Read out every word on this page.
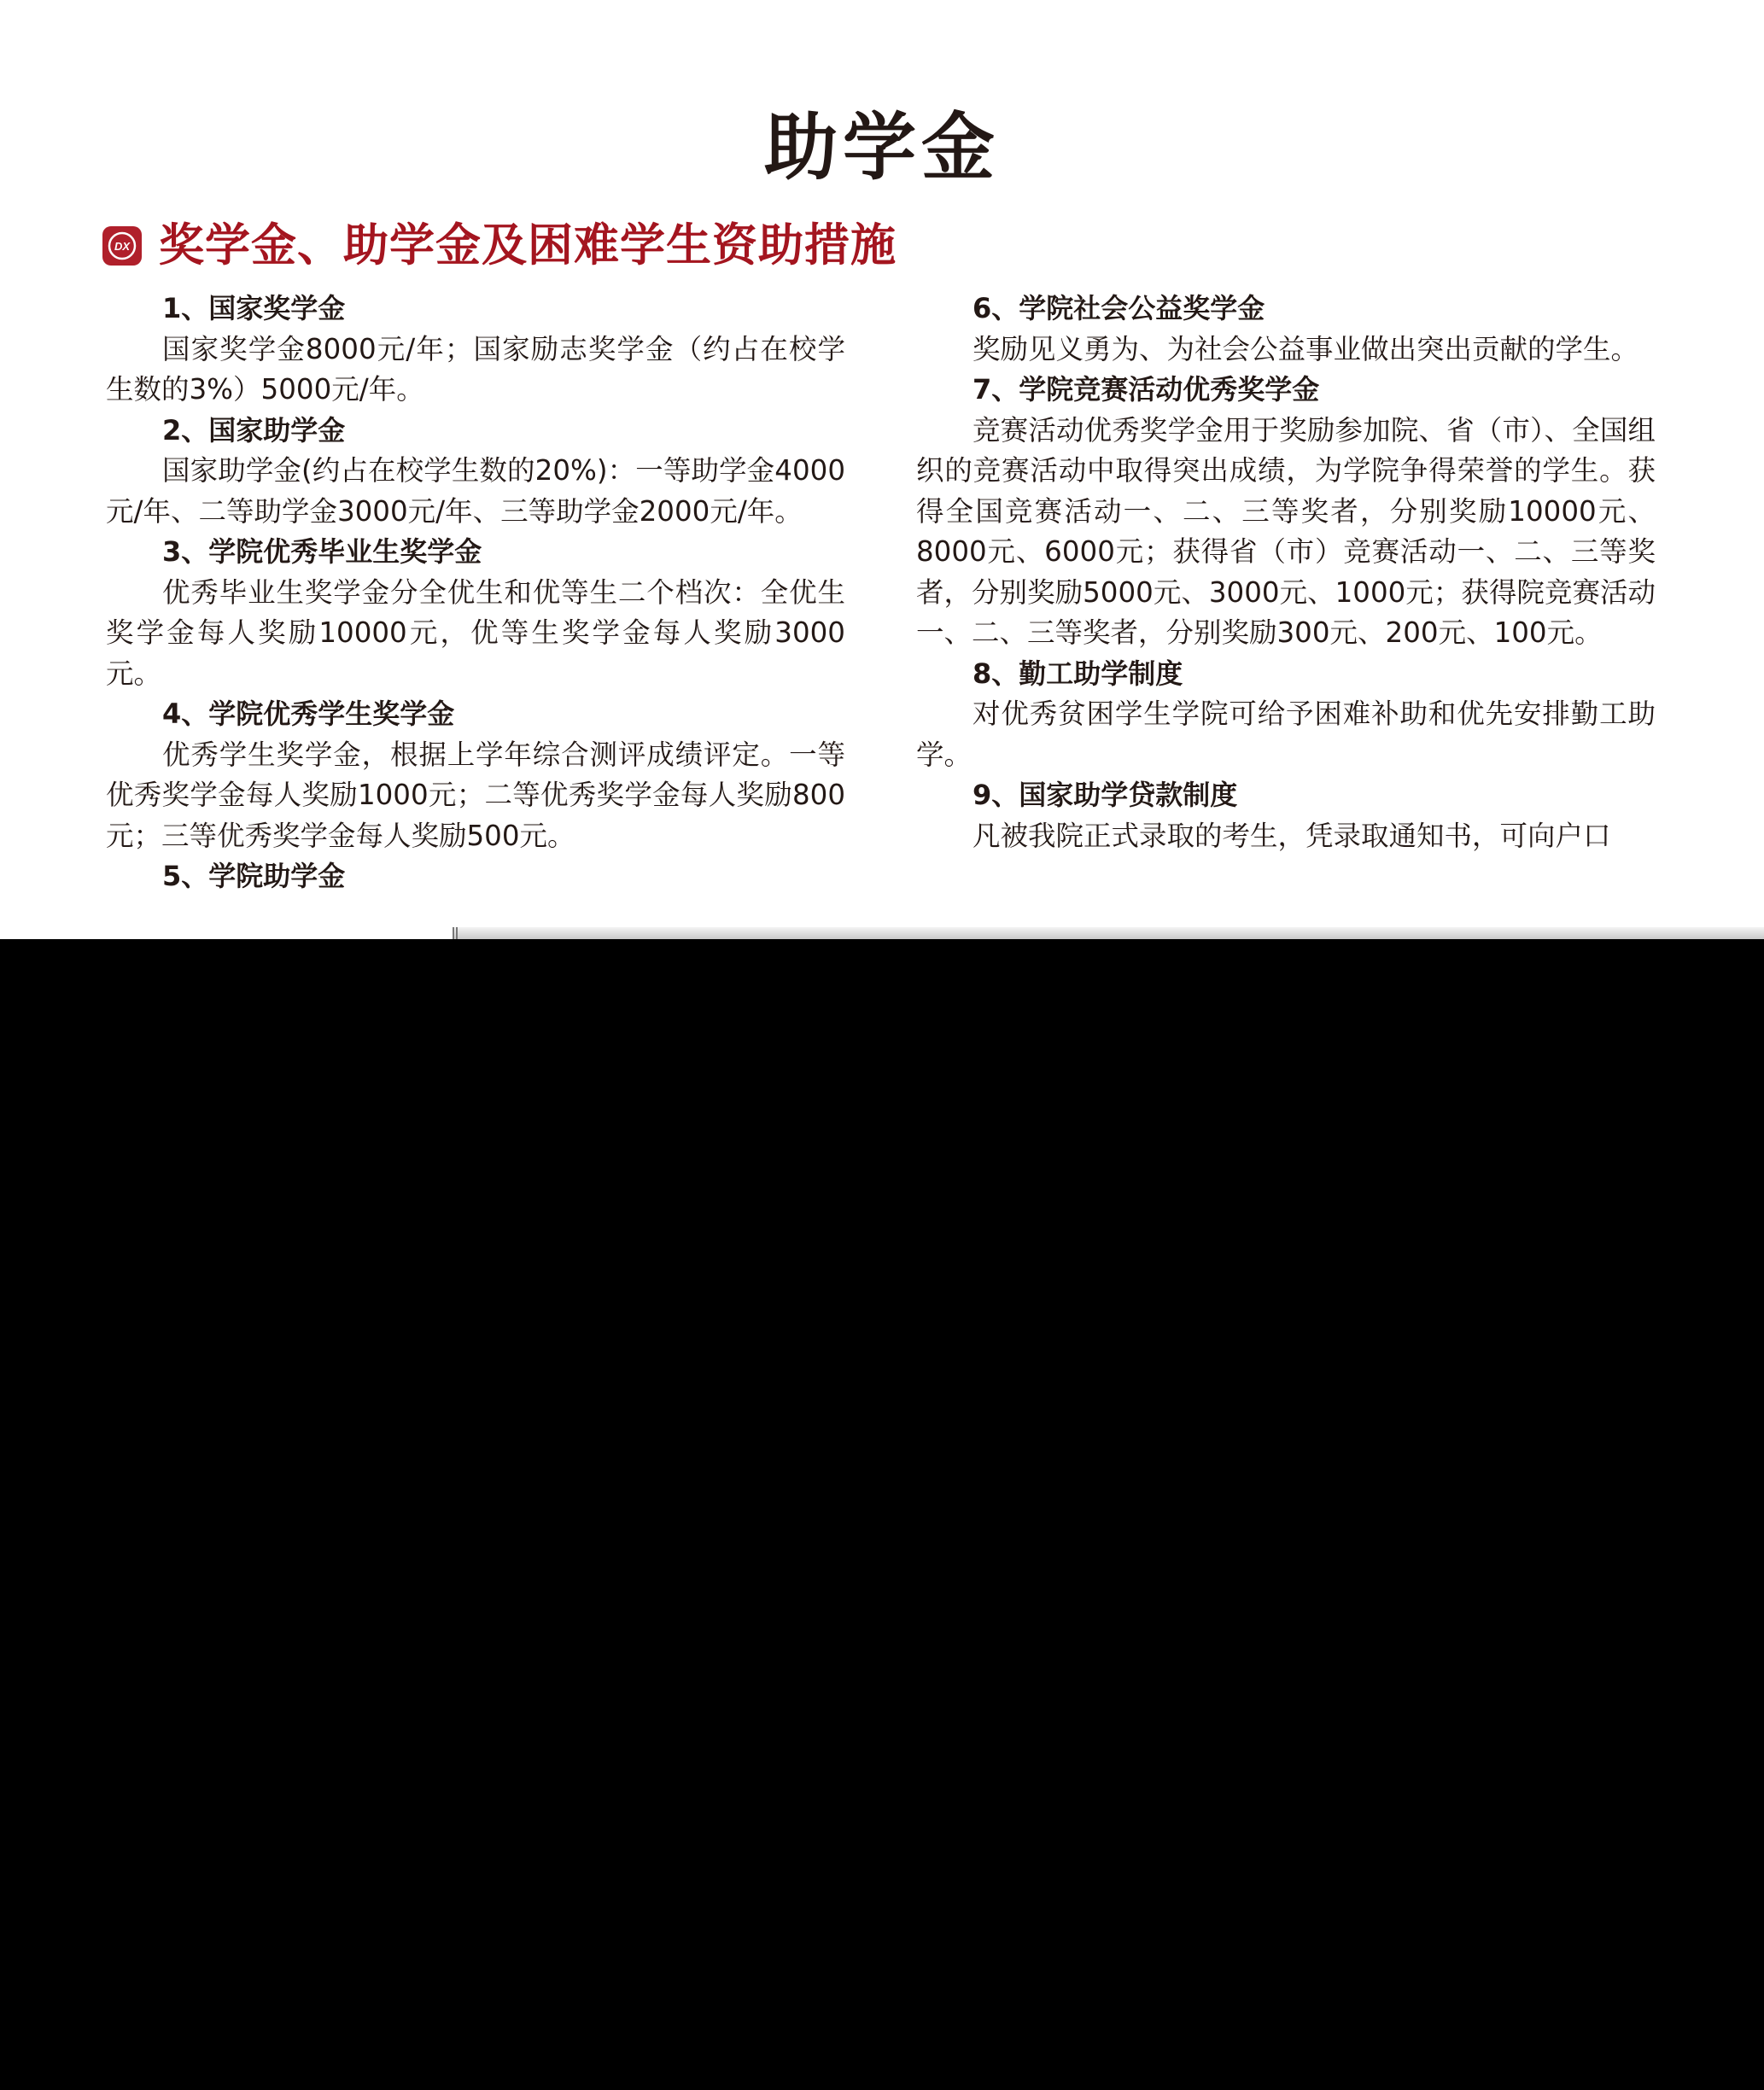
助学金
DX 奖学金、助学金及困难学生资助措施
1、国家奖学金
国家奖学金8000元/年；国家励志奖学金（约占在校学生数的3%）5000元/年。
2、国家助学金
国家助学金(约占在校学生数的20%)：一等助学金4000元/年、二等助学金3000元/年、三等助学金2000元/年。
3、学院优秀毕业生奖学金
优秀毕业生奖学金分全优生和优等生二个档次：全优生奖学金每人奖励10000元，优等生奖学金每人奖励3000元。
4、学院优秀学生奖学金
优秀学生奖学金，根据上学年综合测评成绩评定。一等优秀奖学金每人奖励1000元；二等优秀奖学金每人奖励800元；三等优秀奖学金每人奖励500元。
5、学院助学金
6、学院社会公益奖学金
奖励见义勇为、为社会公益事业做出突出贡献的学生。
7、学院竞赛活动优秀奖学金
竞赛活动优秀奖学金用于奖励参加院、省（市）、全国组织的竞赛活动中取得突出成绩，为学院争得荣誉的学生。获得全国竞赛活动一、二、三等奖者，分别奖励10000元、8000元、6000元；获得省（市）竞赛活动一、二、三等奖者，分别奖励5000元、3000元、1000元；获得院竞赛活动一、二、三等奖者，分别奖励300元、200元、100元。
8、勤工助学制度
对优秀贫困学生学院可给予困难补助和优先安排勤工助学。
9、国家助学贷款制度
凡被我院正式录取的考生，凭录取通知书，可向户口
